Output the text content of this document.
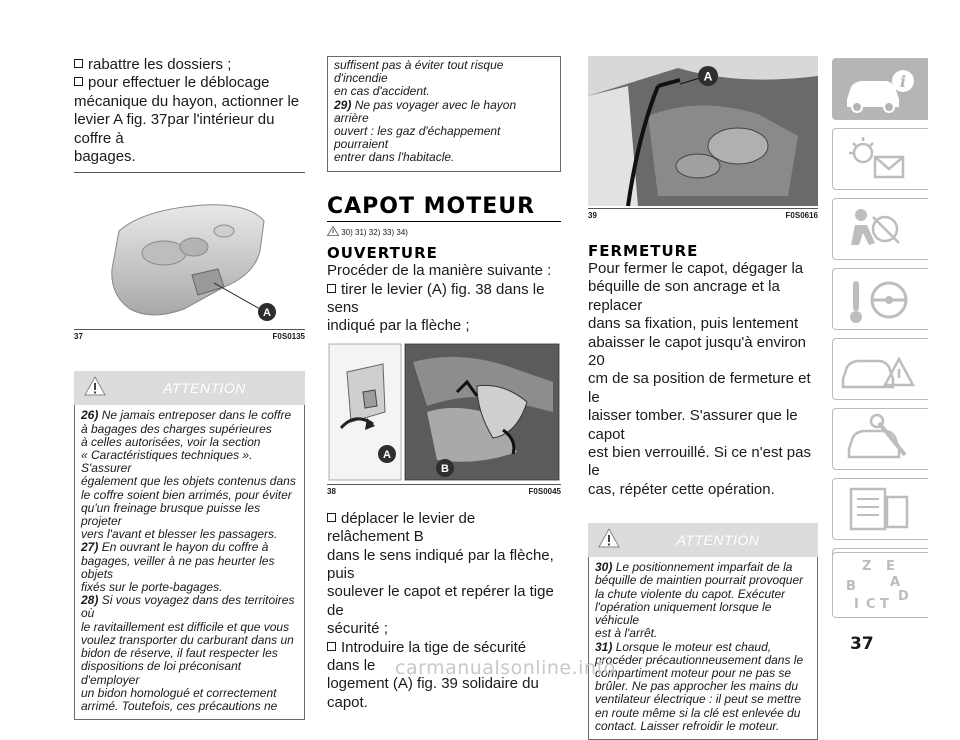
rabattre les dossiers ;
pour effectuer le déblocage
mécanique du hayon, actionner le
levier A fig. 37par l'intérieur du coffre à
bagages.
A
37	F0S0135
ATTENTION
26) Ne jamais entreposer dans le coffre
à bagages des charges supérieures
à celles autorisées, voir la section
« Caractéristiques techniques ». S'assurer
également que les objets contenus dans
le coffre soient bien arrimés, pour éviter
qu'un freinage brusque puisse les projeter
vers l'avant et blesser les passagers.
27) En ouvrant le hayon du coffre à
bagages, veiller à ne pas heurter les objets
fixés sur le porte-bagages.
28) Si vous voyagez dans des territoires où
le ravitaillement est difficile et que vous
voulez transporter du carburant dans un
bidon de réserve, il faut respecter les
dispositions de loi préconisant d'employer
un bidon homologué et correctement
arrimé. Toutefois, ces précautions ne
suffisent pas à éviter tout risque d'incendie
en cas d'accident.
29) Ne pas voyager avec le hayon arrière
ouvert : les gaz d'échappement pourraient
entrer dans l'habitacle.
CAPOT MOTEUR
30) 31) 32) 33) 34)
OUVERTURE
Procéder de la manière suivante :
tirer le levier (A) fig. 38 dans le sens
indiqué par la flèche ;
A
B
38	F0S0045
déplacer le levier de relâchement B
dans le sens indiqué par la flèche, puis
soulever le capot et repérer la tige de
sécurité ;
Introduire la tige de sécurité dans le
logement (A) fig. 39 solidaire du capot.
A
39	F0S0616
FERMETURE
Pour fermer le capot, dégager la
béquille de son ancrage et la replacer
dans sa fixation, puis lentement
abaisser le capot jusqu'à environ 20
cm de sa position de fermeture et le
laisser tomber. S'assurer que le capot
est bien verrouillé. Si ce n'est pas le
cas, répéter cette opération.
ATTENTION
30) Le positionnement imparfait de la
béquille de maintien pourrait provoquer
la chute violente du capot. Exécuter
l'opération uniquement lorsque le véhicule
est à l'arrêt.
31) Lorsque le moteur est chaud,
procéder précautionneusement dans le
compartiment moteur pour ne pas se
brûler. Ne pas approcher les mains du
ventilateur électrique : il peut se mettre
en route même si la clé est enlevée du
contact. Laisser refroidir le moteur.
i
Z E
A
B
D
I C T
37
carmanualsonline.info
